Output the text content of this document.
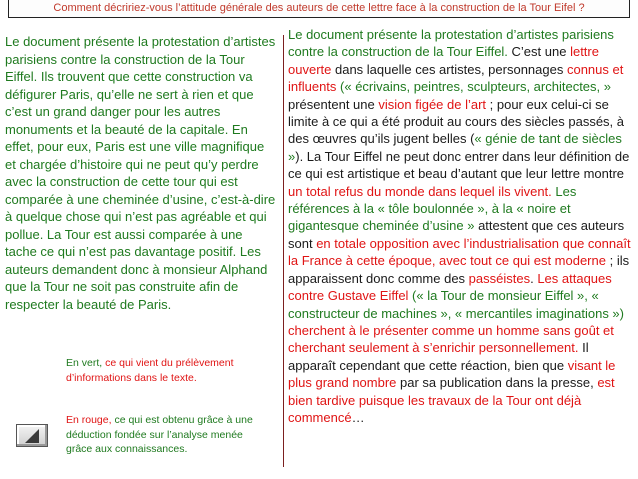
Comment décririez-vous l’attitude générale des auteurs de cette lettre face à la construction de la Tour Eifel ?
Le document présente la protestation d’artistes parisiens contre la construction de la Tour Eiffel. Ils trouvent que cette construction va défigurer Paris, qu’elle ne sert à rien et que c’est un grand danger pour les autres monuments et la beauté de la capitale. En effet, pour eux, Paris est une ville magnifique et chargée d’histoire qui ne peut qu’y perdre avec la construction de cette tour qui est comparée à une cheminée d’usine, c’est-à-dire à quelque chose qui n’est pas agréable et qui pollue. La Tour est aussi comparée à une tache ce qui n’est pas davantage positif. Les auteurs demandent donc à monsieur Alphand que la Tour ne soit pas construite afin de respecter la beauté de Paris.
Le document présente la protestation d’artistes parisiens contre la construction de la Tour Eiffel. C’est une lettre ouverte dans laquelle ces artistes, personnages connus et influents (« écrivains, peintres, sculpteurs, architectes, » présentent une vision figée de l’art ; pour eux celui-ci se limite à ce qui a été produit au cours des siècles passés, à des œuvres qu’ils jugent belles (« génie de tant de siècles »). La Tour Eiffel ne peut donc entrer dans leur définition de ce qui est artistique et beau d’autant que leur lettre montre un total refus du monde dans lequel ils vivent. Les références à la « tôle boulonnée », à la « noire et gigantesque cheminée d’usine » attestent que ces auteurs sont en totale opposition avec l’industrialisation que connaît la France à cette époque, avec tout ce qui est moderne ; ils apparaissent donc comme des passéistes. Les attaques contre Gustave Eiffel (« la Tour de monsieur Eiffel », « constructeur de machines », « mercantiles imaginations ») cherchent à le présenter comme un homme sans goût et cherchant seulement à s’enrichir personnellement. Il apparaît cependant que cette réaction, bien que visant le plus grand nombre par sa publication dans la presse, est bien tardive puisque les travaux de la Tour ont déjà commencé…
En vert, ce qui vient du prélèvement d’informations dans le texte.
En rouge, ce qui est obtenu grâce à une déduction fondée sur l’analyse menée grâce aux connaissances.
